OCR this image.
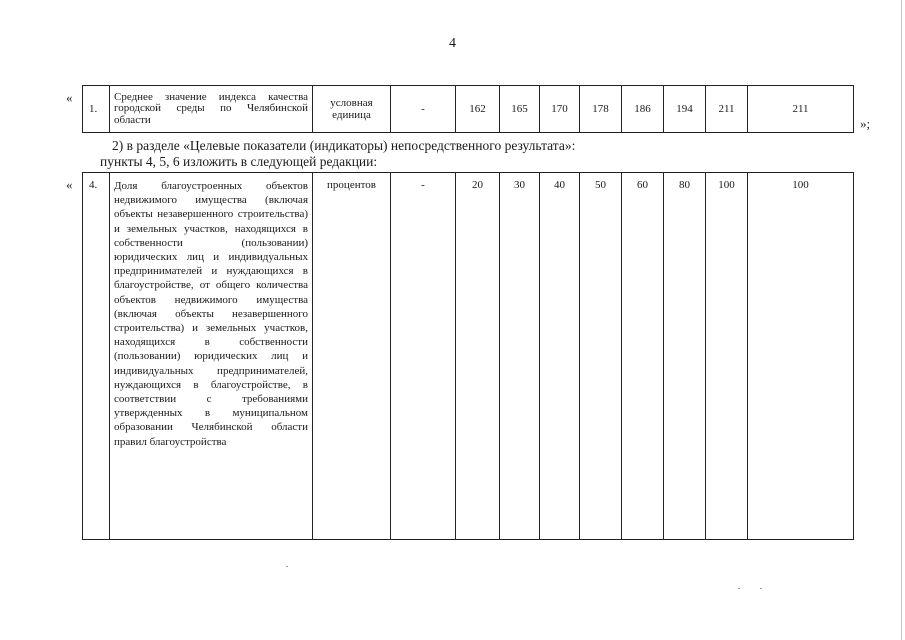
4
«
1.	Среднее значение индекса качества городской среды по Челябинской области	условная единица	-	162	165	170	178	186	194	211	211
»;
2) в разделе «Целевые показатели (индикаторы) непосредственного результата»:
пункты 4, 5, 6 изложить в следующей редакции:
« 4.	Доля благоустроенных объектов недвижимого имущества (включая объекты незавершенного строительства) и земельных участков, находящихся в собственности (пользовании) юридических лиц и индивидуальных предпринимателей и нуждающихся в благоустройстве, от общего количества объектов недвижимого имущества (включая объекты незавершенного строительства) и земельных участков, находящихся в собственности (пользовании) юридических лиц и индивидуальных предпринимателей, нуждающихся в благоустройстве, в соответствии с требованиями утвержденных в муниципальном образовании Челябинской области правил благоустройства	процентов	-	20	30	40	50	60	80	100	100
